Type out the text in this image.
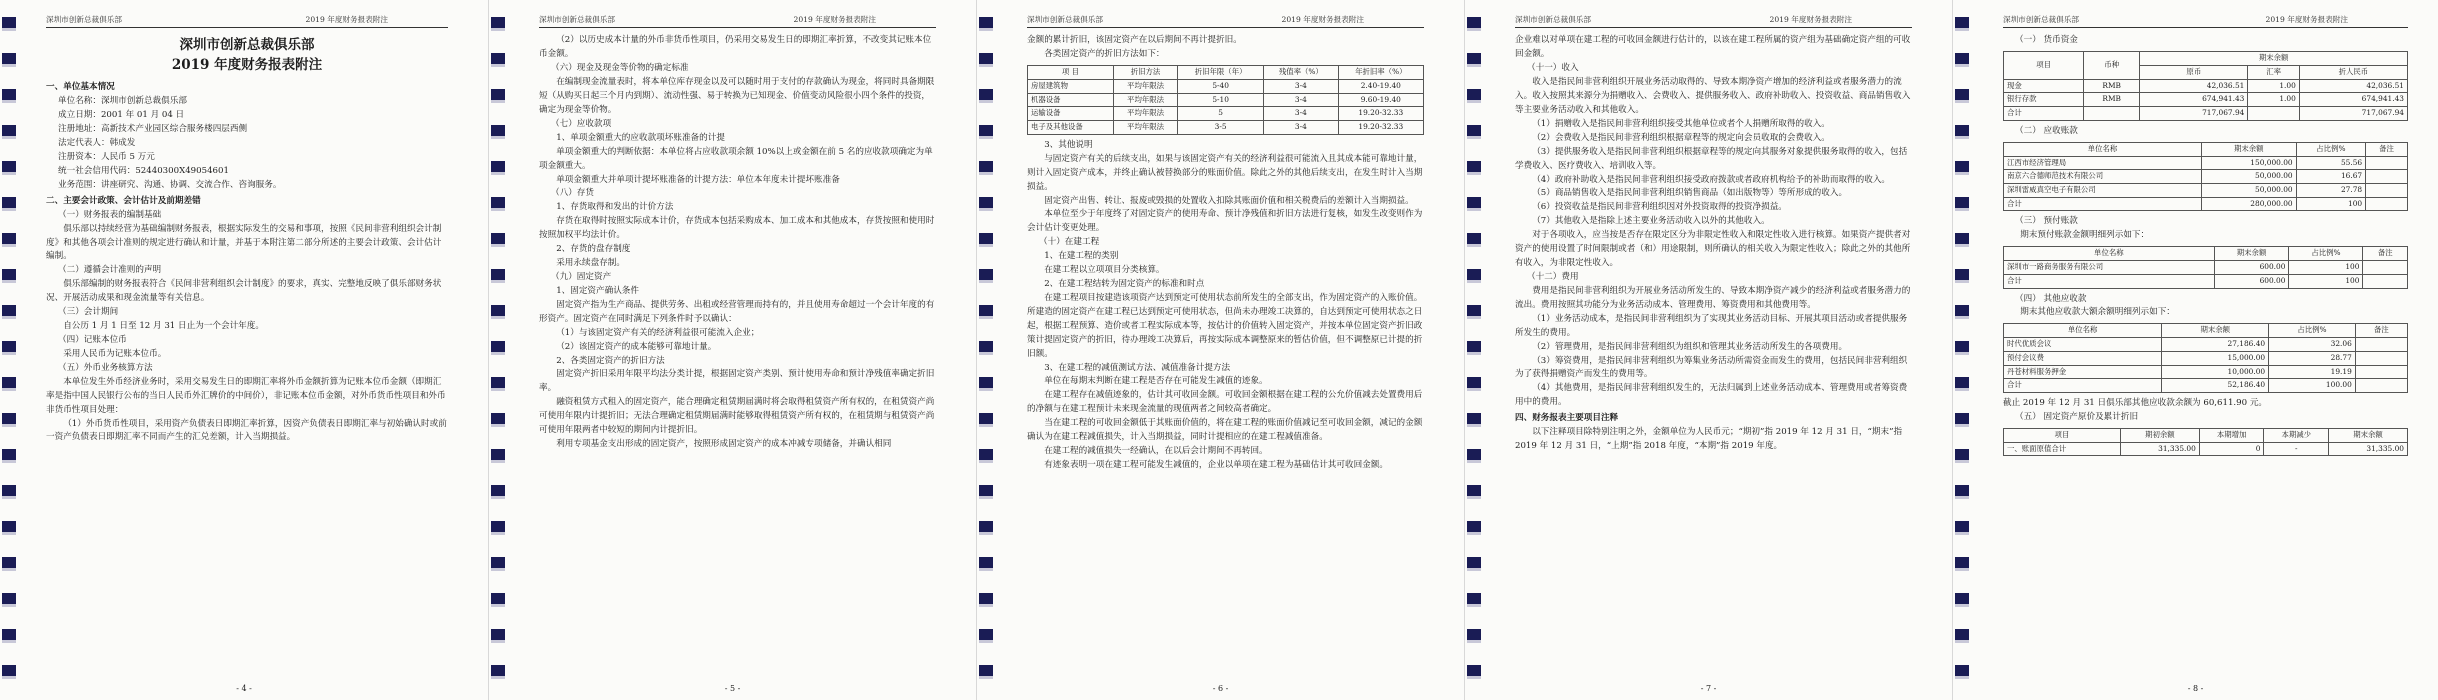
深圳市创新总裁俱乐部	2019 年度财务报表附注
深圳市创新总裁俱乐部
2019 年度财务报表附注
一、单位基本情况
单位名称：深圳市创新总裁俱乐部
成立日期：2001 年 01 月 04 日
注册地址：高新技术产业园区综合服务楼四层西侧
法定代表人：韩成发
注册资本：人民币 5 万元
统一社会信用代码：52440300X49054601
业务范围：讲座研究、沟通、协调、交流合作、咨询服务。
二、主要会计政策、会计估计及前期差错
（一）财务报表的编制基础
俱乐部以持续经营为基础编制财务报表，根据实际发生的交易和事项，按照《民间非营利组织会计制度》和其他各项会计准则的规定进行确认和计量，并基于本附注第二部分所述的主要会计政策、会计估计编制。
（二）遵循会计准则的声明
俱乐部编制的财务报表符合《民间非营利组织会计制度》的要求，真实、完整地反映了俱乐部财务状况、开展活动成果和现金流量等有关信息。
（三）会计期间
自公历 1 月 1 日至 12 月 31 日止为一个会计年度。
（四）记账本位币
采用人民币为记账本位币。
（五）外币业务核算方法
本单位发生外币经济业务时，采用交易发生日的即期汇率将外币金额折算为记账本位币金额（即期汇率是指中国人民银行公布的当日人民币外汇牌价的中间价），非记账本位币金额，对外币货币性项目和外币非货币性项目处理：
（1）外币货币性项目，采用资产负债表日即期汇率折算，因资产负债表日即期汇率与初始确认时或前一资产负债表日即期汇率不同而产生的汇兑差额，计入当期损益。
- 4 -
深圳市创新总裁俱乐部	2019 年度财务报表附注
（2）以历史成本计量的外币非货币性项目，仍采用交易发生日的即期汇率折算，不改变其记账本位币金额。
（六）现金及现金等价物的确定标准
在编制现金流量表时，将本单位库存现金以及可以随时用于支付的存款确认为现金，将同时具备期限短（从购买日起三个月内到期）、流动性强、易于转换为已知现金、价值变动风险很小四个条件的投资，确定为现金等价物。
（七）应收款项
1、单项金额重大的应收款项坏账准备的计提
单项金额重大的判断依据：本单位将占应收款项余额 10%以上或金额在前 5 名的应收款项确定为单项金额重大。
单项金额重大并单项计提坏账准备的计提方法：单位本年度未计提坏账准备
（八）存货
1、存货取得和发出的计价方法
存货在取得时按照实际成本计价，存货成本包括采购成本、加工成本和其他成本，存货按照和使用时按照加权平均法计价。
2、存货的盘存制度
采用永续盘存制。
（九）固定资产
1、固定资产确认条件
固定资产指为生产商品、提供劳务、出租或经营管理而持有的，并且使用寿命超过一个会计年度的有形资产。固定资产在同时满足下列条件时予以确认：
（1）与该固定资产有关的经济利益很可能流入企业；
（2）该固定资产的成本能够可靠地计量。
2、各类固定资产的折旧方法
固定资产折旧采用年限平均法分类计提，根据固定资产类别、预计使用寿命和预计净残值率确定折旧率。
融资租赁方式租入的固定资产，能合理确定租赁期届满时将会取得租赁资产所有权的，在租赁资产尚可使用年限内计提折旧；无法合理确定租赁期届满时能够取得租赁资产所有权的，在租赁期与租赁资产尚可使用年限两者中较短的期间内计提折旧。
利用专项基金支出形成的固定资产，按照形成固定资产的成本冲减专项储备，并确认相同
- 5 -
深圳市创新总裁俱乐部	2019 年度财务报表附注
金额的累计折旧，该固定资产在以后期间不再计提折旧。
各类固定资产的折旧方法如下：
项 目	折旧方法	折旧年限（年）	残值率（%）	年折旧率（%）
房屋建筑物	平均年限法	5-40	3-4	2.40-19.40
机器设备	平均年限法	5-10	3-4	9.60-19.40
运输设备	平均年限法	5	3-4	19.20-32.33
电子及其他设备	平均年限法	3-5	3-4	19.20-32.33
3、其他说明
与固定资产有关的后续支出，如果与该固定资产有关的经济利益很可能流入且其成本能可靠地计量，则计入固定资产成本，并终止确认被替换部分的账面价值。除此之外的其他后续支出，在发生时计入当期损益。
固定资产出售、转让、报废或毁损的处置收入扣除其账面价值和相关税费后的差额计入当期损益。
本单位至少于年度终了对固定资产的使用寿命、预计净残值和折旧方法进行复核，如发生改变则作为会计估计变更处理。
（十）在建工程
1、在建工程的类别
在建工程以立项项目分类核算。
2、在建工程结转为固定资产的标准和时点
在建工程项目按建造该项资产达到预定可使用状态前所发生的全部支出，作为固定资产的入账价值。所建造的固定资产在建工程已达到预定可使用状态，但尚未办理竣工决算的，自达到预定可使用状态之日起，根据工程预算、造价或者工程实际成本等，按估计的价值转入固定资产，并按本单位固定资产折旧政策计提固定资产的折旧，待办理竣工决算后，再按实际成本调整原来的暂估价值，但不调整原已计提的折旧额。
3、在建工程的减值测试方法、减值准备计提方法
单位在每期末判断在建工程是否存在可能发生减值的迹象。
在建工程存在减值迹象的，估计其可收回金额。可收回金额根据在建工程的公允价值减去处置费用后的净额与在建工程预计未来现金流量的现值两者之间较高者确定。
当在建工程的可收回金额低于其账面价值的，将在建工程的账面价值减记至可收回金额，减记的金额确认为在建工程减值损失，计入当期损益，同时计提相应的在建工程减值准备。
在建工程的减值损失一经确认，在以后会计期间不再转回。
有迹象表明一项在建工程可能发生减值的，企业以单项在建工程为基础估计其可收回金额。
- 6 -
深圳市创新总裁俱乐部	2019 年度财务报表附注
企业难以对单项在建工程的可收回金额进行估计的，以该在建工程所属的资产组为基础确定资产组的可收回金额。
（十一）收入
收入是指民间非营利组织开展业务活动取得的、导致本期净资产增加的经济利益或者服务潜力的流入。收入按照其来源分为捐赠收入、会费收入、提供服务收入、政府补助收入、投资收益、商品销售收入等主要业务活动收入和其他收入。
（1）捐赠收入是指民间非营利组织接受其他单位或者个人捐赠所取得的收入。
（2）会费收入是指民间非营利组织根据章程等的规定向会员收取的会费收入。
（3）提供服务收入是指民间非营利组织根据章程等的规定向其服务对象提供服务取得的收入，包括学费收入、医疗费收入、培训收入等。
（4）政府补助收入是指民间非营利组织接受政府拨款或者政府机构给予的补助而取得的收入。
（5）商品销售收入是指民间非营利组织销售商品（如出版物等）等所形成的收入。
（6）投资收益是指民间非营利组织因对外投资取得的投资净损益。
（7）其他收入是指除上述主要业务活动收入以外的其他收入。
对于各项收入，应当按是否存在限定区分为非限定性收入和限定性收入进行核算。如果资产提供者对资产的使用设置了时间限制或者（和）用途限制，则所确认的相关收入为限定性收入；除此之外的其他所有收入，为非限定性收入。
（十二）费用
费用是指民间非营利组织为开展业务活动所发生的、导致本期净资产减少的经济利益或者服务潜力的流出。费用按照其功能分为业务活动成本、管理费用、筹资费用和其他费用等。
（1）业务活动成本，是指民间非营利组织为了实现其业务活动目标、开展其项目活动或者提供服务所发生的费用。
（2）管理费用，是指民间非营利组织为组织和管理其业务活动所发生的各项费用。
（3）筹资费用，是指民间非营利组织为筹集业务活动所需资金而发生的费用，包括民间非营利组织为了获得捐赠资产而发生的费用等。
（4）其他费用，是指民间非营利组织发生的，无法归属到上述业务活动成本、管理费用或者筹资费用中的费用。
四、财务报表主要项目注释
以下注释项目除特别注明之外，金额单位为人民币元；“期初”指 2019 年 12 月 31 日，“期末”指 2019 年 12 月 31 日，“上期”指 2018 年度，“本期”指 2019 年度。
- 7 -
深圳市创新总裁俱乐部	2019 年度财务报表附注
（一） 货币资金
项目	币种	期末余额		
		原币	汇率	折人民币
现金	RMB	42,036.51	1.00	42,036.51
银行存款	RMB	674,941.43	1.00	674,941.43
合计		717,067.94		717,067.94
（二） 应收账款
单位名称	期末余额	占比例%	备注
江西市经济管理局	150,000.00	55.56	
南京六合德师范技术有限公司	50,000.00	16.67	
深圳雷威真空电子有限公司	50,000.00	27.78	
合计	280,000.00	100	
（三） 预付账款
期末预付账款金额明细列示如下：
单位名称	期末余额	占比例%	备注
深圳市一路商务服务有限公司	600.00	100	
合计	600.00	100	
（四） 其他应收款
期末其他应收款大额余额明细列示如下：
单位名称	期末余额	占比例%	备注
时代优质会议	27,186.40	32.06	
预付会议费	15,000.00	28.77	
丹苍材料服务押金	10,000.00	19.19	
合计	52,186.40	100.00	
截止 2019 年 12 月 31 日俱乐部其他应收款余额为 60,611.90 元。
（五） 固定资产原价及累计折旧
项目	期初余额	本期增加	本期减少	期末余额
一、账面原值合计	31,335.00	0	-	31,335.00
- 8 -
